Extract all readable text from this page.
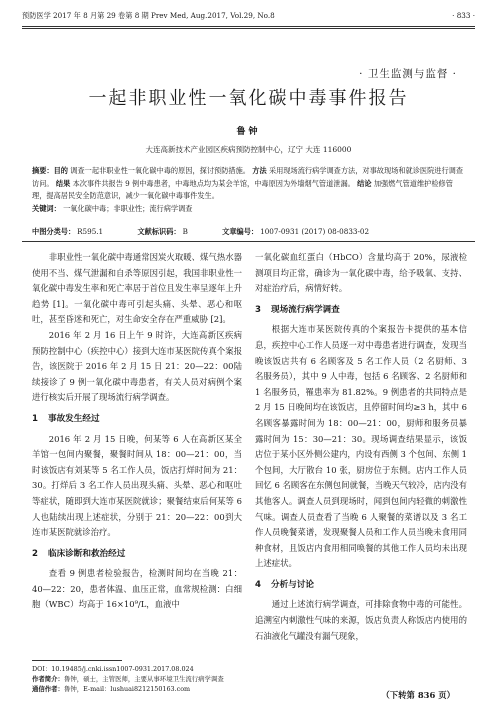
预防医学 2017 年 8 月第 29 卷第 8 期 Prev Med, Aug.2017, Vol.29, No.8	· 833 ·
· 卫生监测与监督 ·
一起非职业性一氧化碳中毒事件报告
鲁钟
大连高新技术产业园区疾病预防控制中心，辽宁 大连 116000

摘要：目的 调查一起非职业性一氧化碳中毒的原因，探讨预防措施。 方法 采用现场流行病学调查方法，对事故现场和就诊医院进行调查访问。 结果 本次事件共报告 9 例中毒患者，中毒地点均为某会羊馆，中毒原因为外墙烟气管道泄漏。 结论 加强燃气管道维护检修管理，提高居民安全防范意识，减少一氧化碳中毒事件发生。

关键词： 一氧化碳中毒；非职业性；流行病学调查

中图分类号： R595.1	文献标识码： B	文章编号： 1007-0931 (2017) 08-0833-02

非职业性一氧化碳中毒通常因炭火取暖、煤气热水器使用不当、煤气泄漏和自杀等原因引起，我国非职业性一氧化碳中毒发生率和死亡率居于首位且发生率呈逐年上升趋势 [1]。一氧化碳中毒可引起头痛、头晕、恶心和呕吐，甚至昏迷和死亡，对生命安全存在严重威胁 [2]。

2016 年 2 月 16 日上午 9 时许，大连高新区疾病预防控制中心（疾控中心）接到大连市某医院传真个案报告，该医院于 2016 年 2 月 15 日 21：20—22：00陆续接诊了 9 例一氧化碳中毒患者，有关人员对病例个案进行核实后开展了现场流行病学调查。

1 事故发生经过

2016 年 2 月 15 日晚，何某等 6 人在高新区某全羊馆一包间内聚餐，聚餐时间从 18：00—21：00，当时该饭店有刘某等 5 名工作人员，饭店打烊时间为 21：30。打烊后 3 名工作人员出现头痛、头晕、恶心和呕吐等症状，随即到大连市某医院就诊；聚餐结束后何某等 6 人也陆续出现上述症状，分别于 21：20—22：00到大连市某医院就诊治疗。

2 临床诊断和救治经过

查看 9 例患者检验报告，检测时间均在当晚 21：40—22：20，患者体温、血压正常，血常规检测：白细胞（WBC）均高于 16×10⁹/L，血液中

一氧化碳血红蛋白（HbCO）含量均高于 20%，尿液检测项目均正常，确诊为一氧化碳中毒，给予吸氧、支持、对症治疗后，病情好转。

3 现场流行病学调查

根据大连市某医院传真的个案报告卡提供的基本信息，疾控中心工作人员逐一对中毒患者进行调查，发现当晚该饭店共有 6 名顾客及 5 名工作人员（2 名厨师、3 名服务员），其中 9 人中毒，包括 6 名顾客、2 名厨师和 1 名服务员，罹患率为 81.82%。9 例患者的共同特点是 2 月 15 日晚间均在该饭店，且停留时间均≥3 h，其中 6 名顾客暴露时间为 18：00—21：00，厨师和服务员暴露时间为 15：30—21：30。现场调查结果显示，该饭店位于某小区外侧公建内，内设有西侧 3 个包间、东侧 1 个包间，大厅散台 10 张，厨房位于东侧。店内工作人员回忆 6 名顾客在东侧包间就餐，当晚天气较冷，店内没有其他客人。调查人员到现场时，闻到包间内轻微的刺激性气味。调查人员查看了当晚 6 人聚餐的菜谱以及 3 名工作人员晚餐菜谱，发现聚餐人员和工作人员当晚未食用同种食材，且饭店内食用相同唤餐的其他工作人员均未出现上述症状。

4 分析与讨论

通过上述流行病学调查，可排除食物中毒的可能性。追溯室内刺激性气味的来源，饭店负责人称饭店内使用的石油液化气罐没有漏气现象，

DOI：10.19485/j.cnki.issn1007-0931.2017.08.024
作者简介：鲁钟，硕士，主管医师，主要从事环境卫生流行病学调查
通信作者：鲁钟，E-mail：lushuai8212150163.com
（下转第 836 页）
